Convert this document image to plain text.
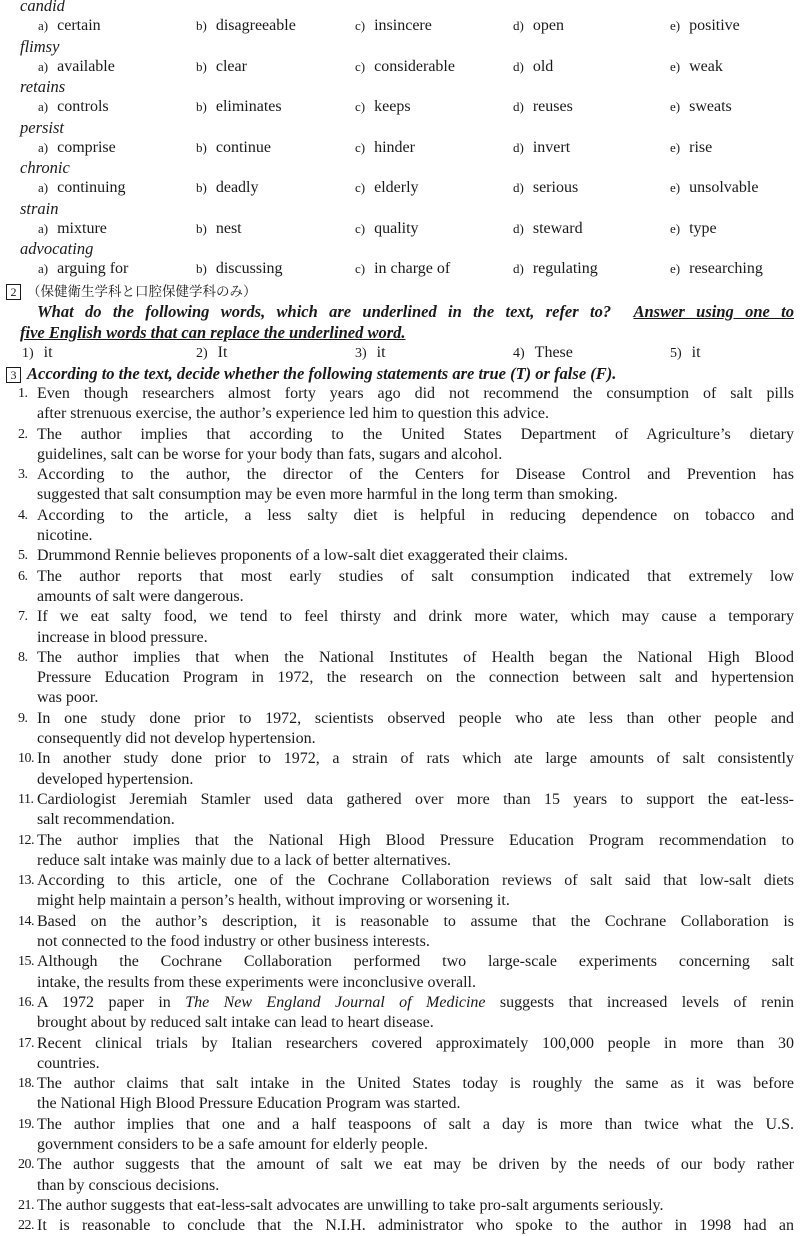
candid
a) certain	b) disagreeable	c) insincere	d) open	e) positive
flimsy
a) available	b) clear	c) considerable	d) old	e) weak
retains
a) controls	b) eliminates	c) keeps	d) reuses	e) sweats
persist
a) comprise	b) continue	c) hinder	d) invert	e) rise
chronic
a) continuing	b) deadly	c) elderly	d) serious	e) unsolvable
strain
a) mixture	b) nest	c) quality	d) steward	e) type
advocating
a) arguing for	b) discussing	c) in charge of	d) regulating	e) researching
2 （保健衛生学科と口腔保健学科のみ）
What do the following words, which are underlined in the text, refer to? Answer using one to
five English words that can replace the underlined word.
1) it	2) It	3) it	4) These	5) it
3 According to the text, decide whether the following statements are true (T) or false (F).
1. Even though researchers almost forty years ago did not recommend the consumption of salt pills
after strenuous exercise, the author’s experience led him to question this advice.
2. The author implies that according to the United States Department of Agriculture’s dietary
guidelines, salt can be worse for your body than fats, sugars and alcohol.
3. According to the author, the director of the Centers for Disease Control and Prevention has
suggested that salt consumption may be even more harmful in the long term than smoking.
4. According to the article, a less salty diet is helpful in reducing dependence on tobacco and
nicotine.
5. Drummond Rennie believes proponents of a low-salt diet exaggerated their claims.
6. The author reports that most early studies of salt consumption indicated that extremely low
amounts of salt were dangerous.
7. If we eat salty food, we tend to feel thirsty and drink more water, which may cause a temporary
increase in blood pressure.
8. The author implies that when the National Institutes of Health began the National High Blood
Pressure Education Program in 1972, the research on the connection between salt and hypertension
was poor.
9. In one study done prior to 1972, scientists observed people who ate less than other people and
consequently did not develop hypertension.
10. In another study done prior to 1972, a strain of rats which ate large amounts of salt consistently
developed hypertension.
11. Cardiologist Jeremiah Stamler used data gathered over more than 15 years to support the eat-less-
salt recommendation.
12. The author implies that the National High Blood Pressure Education Program recommendation to
reduce salt intake was mainly due to a lack of better alternatives.
13. According to this article, one of the Cochrane Collaboration reviews of salt said that low-salt diets
might help maintain a person’s health, without improving or worsening it.
14. Based on the author’s description, it is reasonable to assume that the Cochrane Collaboration is
not connected to the food industry or other business interests.
15. Although the Cochrane Collaboration performed two large-scale experiments concerning salt
intake, the results from these experiments were inconclusive overall.
16. A 1972 paper in The New England Journal of Medicine suggests that increased levels of renin
brought about by reduced salt intake can lead to heart disease.
17. Recent clinical trials by Italian researchers covered approximately 100,000 people in more than 30
countries.
18. The author claims that salt intake in the United States today is roughly the same as it was before
the National High Blood Pressure Education Program was started.
19. The author implies that one and a half teaspoons of salt a day is more than twice what the U.S.
government considers to be a safe amount for elderly people.
20. The author suggests that the amount of salt we eat may be driven by the needs of our body rather
than by conscious decisions.
21. The author suggests that eat-less-salt advocates are unwilling to take pro-salt arguments seriously.
22. It is reasonable to conclude that the N.I.H. administrator who spoke to the author in 1998 had an
